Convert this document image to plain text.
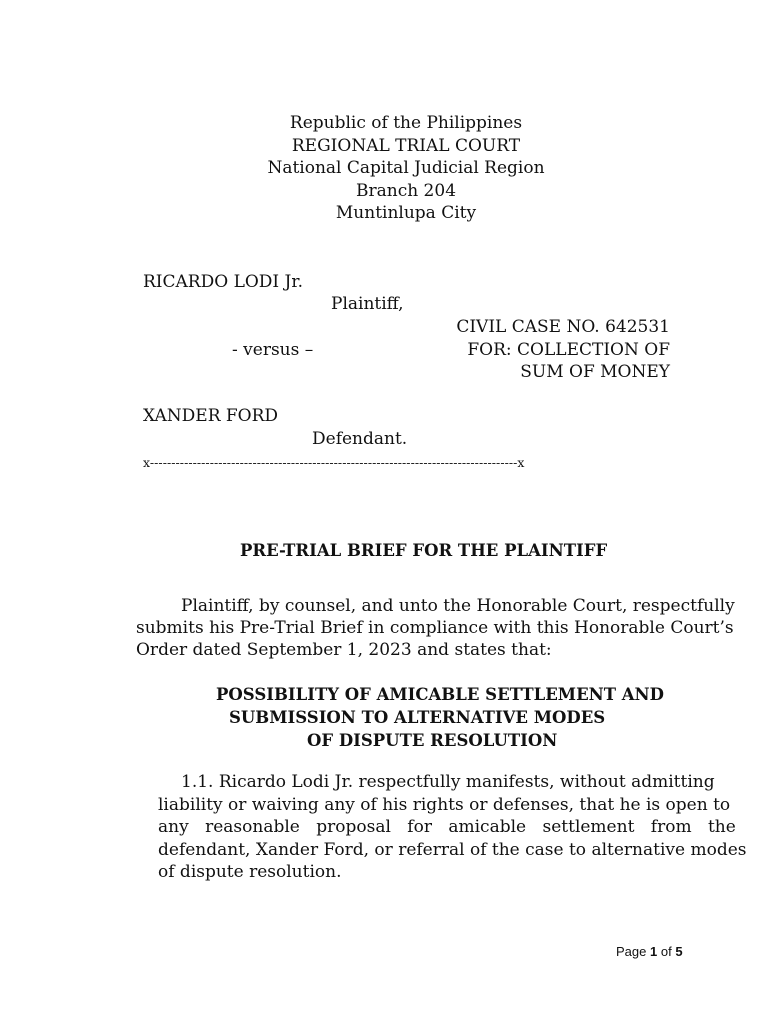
Republic of the Philippines
REGIONAL TRIAL COURT
National Capital Judicial Region
Branch 204
Muntinlupa City
RICARDO LODI Jr.
Plaintiff,
CIVIL CASE NO. 642531
- versus –	FOR: COLLECTION OF
SUM OF MONEY
XANDER FORD
Defendant.
x--------------------------------------------------------------------------------------x
PRE-TRIAL BRIEF FOR THE PLAINTIFF
Plaintiff, by counsel, and unto the Honorable Court, respectfully
submits his Pre-Trial Brief in compliance with this Honorable Court’s
Order dated September 1, 2023 and states that:
POSSIBILITY OF AMICABLE SETTLEMENT AND
SUBMISSION TO ALTERNATIVE MODES
OF DISPUTE RESOLUTION
1.1. Ricardo Lodi Jr. respectfully manifests, without admitting
liability or waiving any of his rights or defenses, that he is open to
any reasonable proposal for amicable settlement from the
defendant, Xander Ford, or referral of the case to alternative modes
of dispute resolution.
Page 1 of 5
